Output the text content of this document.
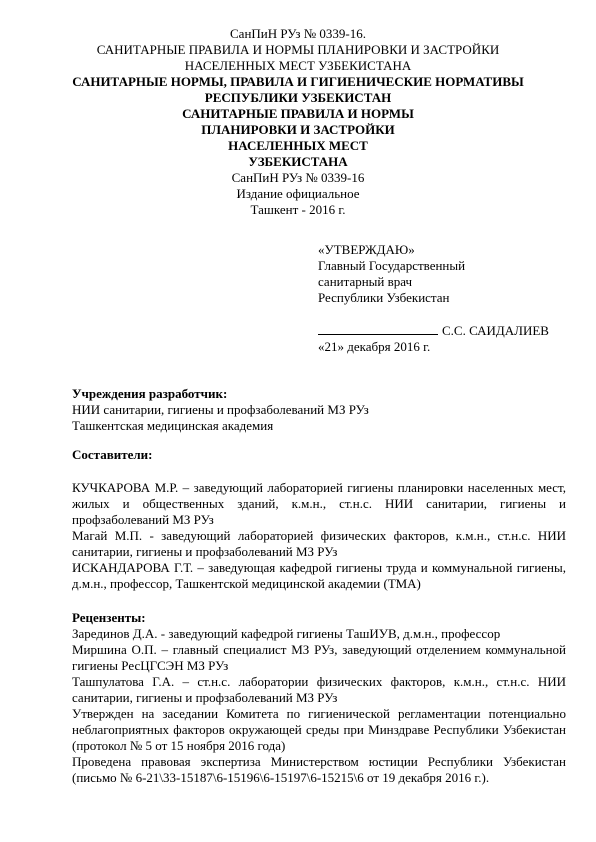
СанПиН РУз № 0339-16.
САНИТАРНЫЕ ПРАВИЛА И НОРМЫ ПЛАНИРОВКИ И ЗАСТРОЙКИ
НАСЕЛЕННЫХ МЕСТ УЗБЕКИСТАНА
САНИТАРНЫЕ НОРМЫ, ПРАВИЛА И ГИГИЕНИЧЕСКИЕ НОРМАТИВЫ
РЕСПУБЛИКИ УЗБЕКИСТАН
САНИТАРНЫЕ ПРАВИЛА И НОРМЫ
ПЛАНИРОВКИ И ЗАСТРОЙКИ
НАСЕЛЕННЫХ МЕСТ
УЗБЕКИСТАНА
СанПиН РУз № 0339-16
Издание официальное
Ташкент - 2016 г.
«УТВЕРЖДАЮ»
Главный Государственный
санитарный врач
Республики Узбекистан
С.С. САИДАЛИЕВ
«21» декабря 2016 г.
Учреждения разработчик:
НИИ санитарии, гигиены и профзаболеваний МЗ РУз
Ташкентская медицинская академия
Составители:
КУЧКАРОВА М.Р. – заведующий лабораторией гигиены планировки населенных мест, жилых и общественных зданий, к.м.н., ст.н.с. НИИ санитарии, гигиены и профзаболеваний МЗ РУз
Магай М.П. - заведующий лабораторией физических факторов, к.м.н., ст.н.с. НИИ санитарии, гигиены и профзаболеваний МЗ РУз
ИСКАНДАРОВА Г.Т. – заведующая кафедрой гигиены труда и коммунальной гигиены, д.м.н., профессор, Ташкентской медицинской академии (ТМА)
Рецензенты:
Зарединов Д.А. - заведующий кафедрой гигиены ТашИУВ, д.м.н., профессор
Миршина О.П. – главный специалист МЗ РУз, заведующий отделением коммунальной гигиены РесЦГСЭН МЗ РУз
Ташпулатова Г.А. – ст.н.с. лаборатории физических факторов, к.м.н., ст.н.с. НИИ санитарии, гигиены и профзаболеваний МЗ РУз
Утвержден на заседании Комитета по гигиенической регламентации потенциально неблагоприятных факторов окружающей среды при Минздраве Республики Узбекистан (протокол № 5 от 15 ноября 2016 года)
Проведена правовая экспертиза Министерством юстиции Республики Узбекистан (письмо № 6-21\33-15187\6-15196\6-15197\6-15215\6 от 19 декабря 2016 г.).
